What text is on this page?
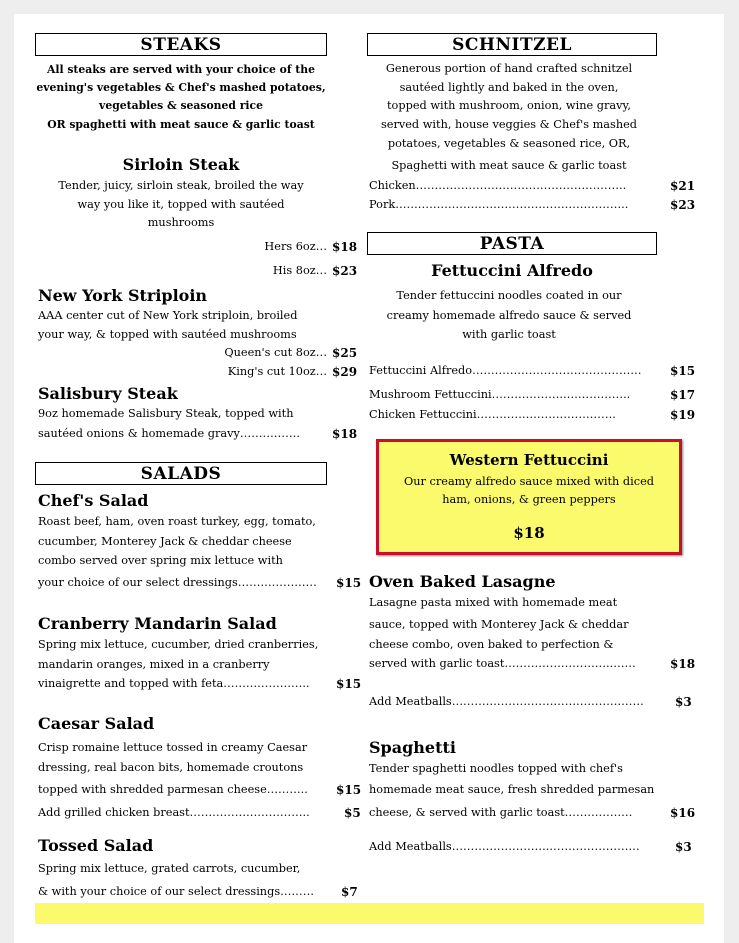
STEAKS
All steaks are served with your choice of the
evening's vegetables & Chef's mashed potatoes,
vegetables & seasoned rice
OR spaghetti with meat sauce & garlic toast
Sirloin Steak
Tender, juicy, sirloin steak, broiled the way
way you like it, topped with sautéed
mushrooms
Hers 6oz… $18
His 8oz… $23
New York Striploin
AAA center cut of New York striploin, broiled
your way, & topped with sautéed mushrooms
Queen's cut 8oz… $25
King's cut 10oz… $29
Salisbury Steak
9oz homemade Salisbury Steak, topped with
sautéed onions & homemade gravy…………….	$18
SALADS
Chef's Salad
Roast beef, ham, oven roast turkey, egg, tomato,
cucumber, Monterey Jack & cheddar cheese
combo served over spring mix lettuce with
your choice of our select dressings………………… $15
Cranberry Mandarin Salad
Spring mix lettuce, cucumber, dried cranberries,
mandarin oranges, mixed in a cranberry
vinaigrette and topped with feta………………….. $15
Caesar Salad
Crisp romaine lettuce tossed in creamy Caesar
dressing, real bacon bits, homemade croutons
topped with shredded parmesan cheese……….. $15
Add grilled chicken breast…………………………..	$5
Tossed Salad
Spring mix lettuce, grated carrots, cucumber,
& with your choice of our select dressings……… $7
SCHNITZEL
Generous portion of hand crafted schnitzel
sautéed lightly and baked in the oven,
topped with mushroom, onion, wine gravy,
served with, house veggies & Chef's mashed
potatoes, vegetables & seasoned rice, OR,
Spaghetti with meat sauce & garlic toast
Chicken………………………………………………..	$21
Pork……………………………………………………..	$23
PASTA
Fettuccini Alfredo
Tender fettuccini noodles coated in our
creamy homemade alfredo sauce & served
with garlic toast
Fettuccini Alfredo……………………………………… $15
Mushroom Fettuccini………………..……………..	$17
Chicken Fettuccini……………………………….	$19
Western Fettuccini
Our creamy alfredo sauce mixed with diced
ham, onions, & green peppers
$18
Oven Baked Lasagne
Lasagne pasta mixed with homemade meat
sauce, topped with Monterey Jack & cheddar
cheese combo, oven baked to perfection &
served with garlic toast………………………..……	$18
Add Meatballs……………………………………………	$3
Spaghetti
Tender spaghetti noodles topped with chef's
homemade meat sauce, fresh shredded parmesan
cheese, & served with garlic toast………………	$16
Add Meatballs……………………..……………………	$3
